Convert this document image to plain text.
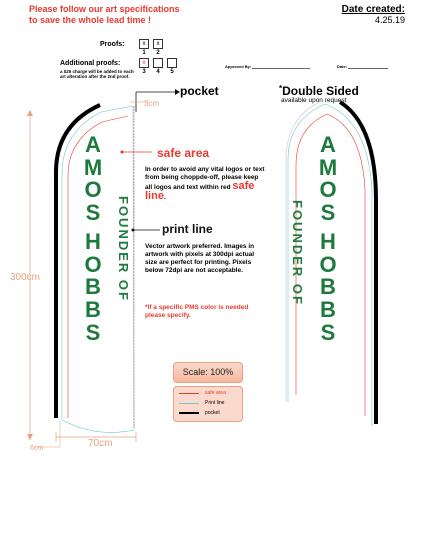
Please follow our art specifications
to save the whole lead time !
Date created:
4.25.19
Proofs:	x	x
1	2
Additional proofs:	x
3	4	5
a $25 charge will be added to each art alteration after the 2nd proof.
Approved By:	Date:
pocket	*Double Sided
available upon request
3cm
300cm
70cm
6cm
A
M
O
S
H
O
B
B
S
FOUNDER OF
A
M
O
S
H
O
B
B
S
FOUNDER OF
safe area
In order to avoid any vital logos or text from being choppde-off, please keep all logos and text within red safe line.
print line
Vector artwork preferred. Images in artwork with pixels at 300dpi actual size are perfect for printing. Pixels below 72dpi are not acceptable.
*If a specific PMS color is needed please specify.
Scale: 100%
safe area
Print line
pocket
